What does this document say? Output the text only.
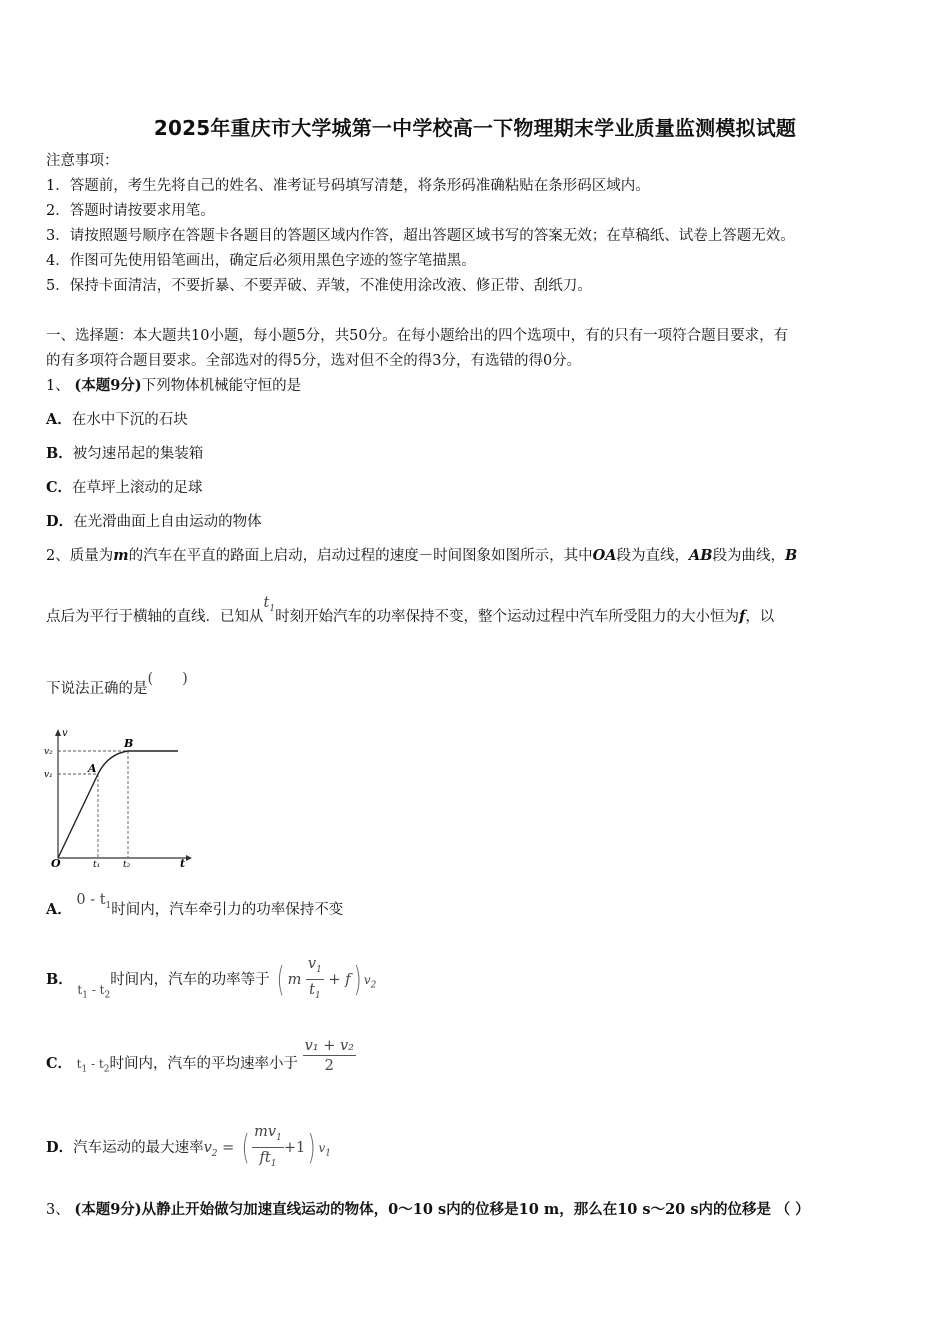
2025年重庆市大学城第一中学校高一下物理期末学业质量监测模拟试题
注意事项：
1．答题前，考生先将自己的姓名、准考证号码填写清楚，将条形码准确粘贴在条形码区域内。
2．答题时请按要求用笔。
3．请按照题号顺序在答题卡各题目的答题区域内作答，超出答题区域书写的答案无效；在草稿纸、试卷上答题无效。
4．作图可先使用铅笔画出，确定后必须用黑色字迹的签字笔描黑。
5．保持卡面清洁，不要折暴、不要弄破、弄皱，不准使用涂改液、修正带、刮纸刀。
一、选择题：本大题共10小题，每小题5分，共50分。在每小题给出的四个选项中，有的只有一项符合题目要求，有
的有多项符合题目要求。全部选对的得5分，选对但不全的得3分，有选错的得0分。
1、 (本题9分)下列物体机械能守恒的是
A．在水中下沉的石块
B．被匀速吊起的集装箱
C．在草坪上滚动的足球
D．在光滑曲面上自由运动的物体
2、质量为m的汽车在平直的路面上启动，启动过程的速度－时间图象如图所示，其中OA段为直线，AB段为曲线，B
点后为平行于横轴的直线．已知从$t_1$时刻开始汽车的功率保持不变，整个运动过程中汽车所受阻力的大小恒为f，以
下说法正确的是(　　)
v
v₂
v₁	A
B
O	t₁	t₂	t
A． $0 - t_1$时间内，汽车牵引力的功率保持不变
B． $_{t_1 - t_2}$时间内，汽车的功率等于 ( m $\frac{v_1}{t_1} + f$) $v_2$
C． $t_1 - t_2$时间内，汽车的平均速率小于 $\frac{\text{v₁ + v₂}}{2}$
D．汽车运动的最大速率$v_2$ = ( $\frac{mv_1}{ft_1} +1$) $v_1$
3、 (本题9分)从静止开始做匀加速直线运动的物体，0～10 s内的位移是10 m，那么在10 s～20 s内的位移是 （ ）
